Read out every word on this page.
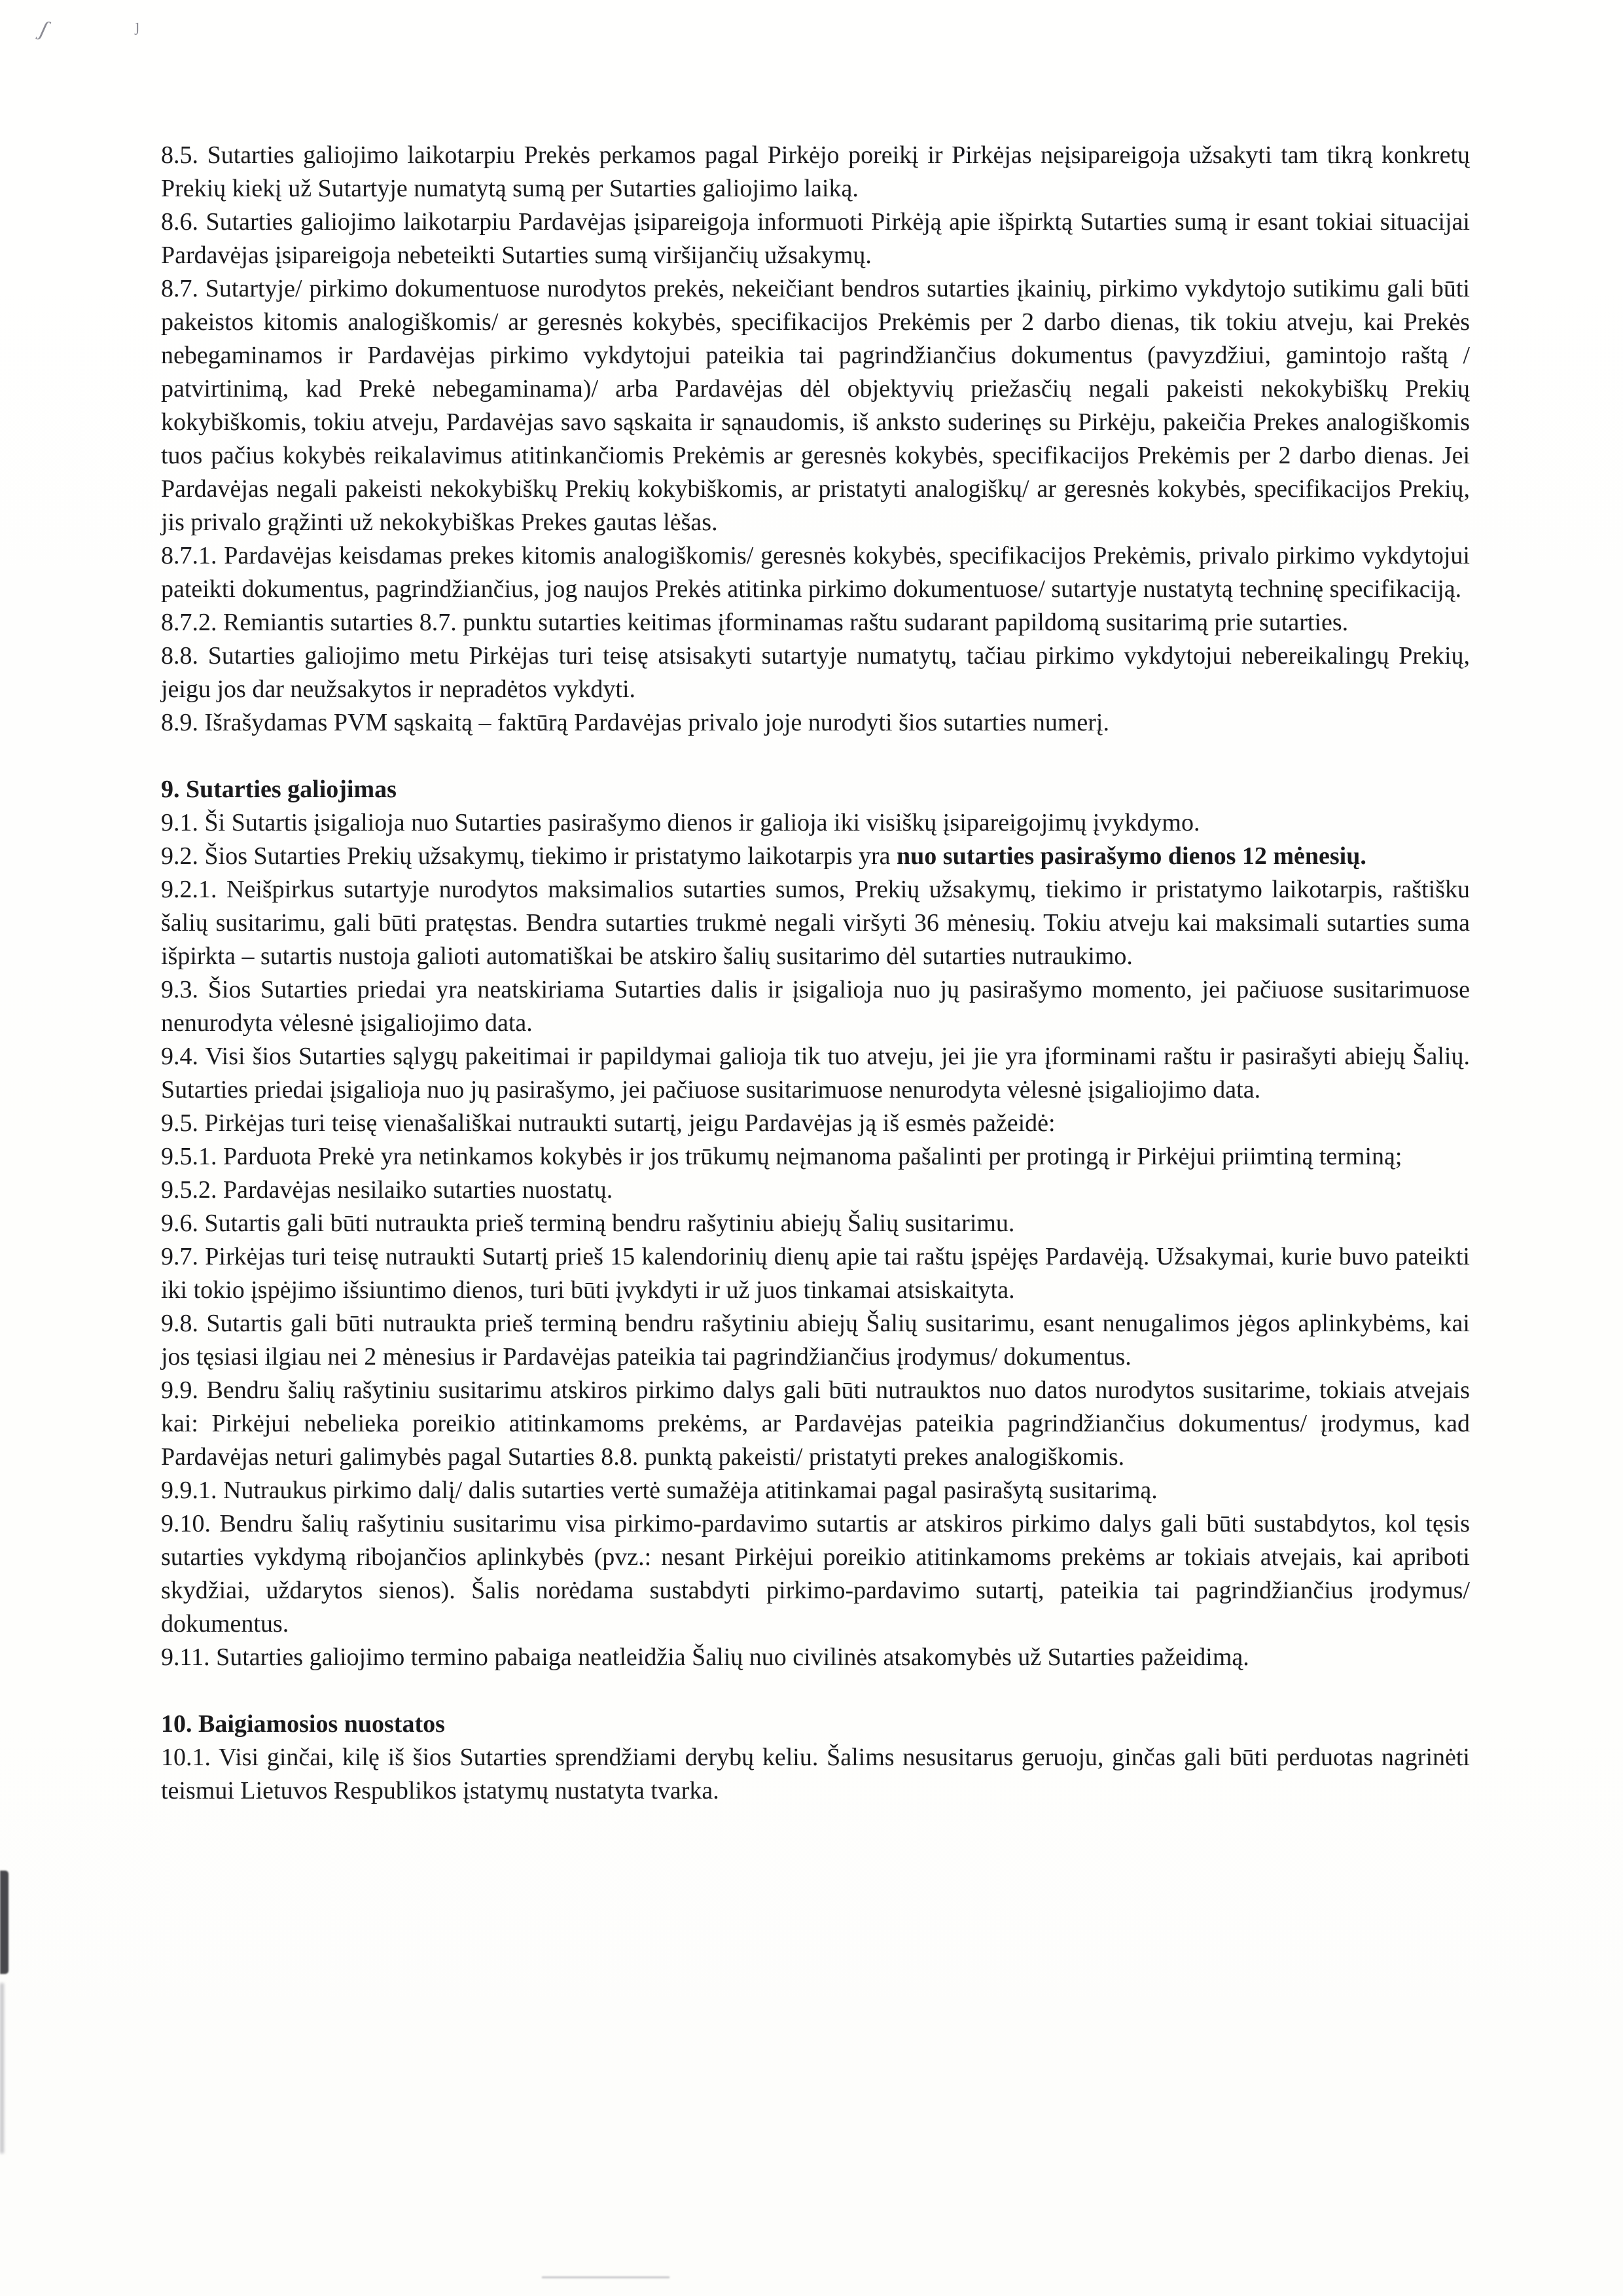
ʃ	ȷ

8.5. Sutarties galiojimo laikotarpiu Prekės perkamos pagal Pirkėjo poreikį ir Pirkėjas neįsipareigoja užsakyti tam tikrą konkretų Prekių kiekį už Sutartyje numatytą sumą per Sutarties galiojimo laiką.

8.6. Sutarties galiojimo laikotarpiu Pardavėjas įsipareigoja informuoti Pirkėją apie išpirktą Sutarties sumą ir esant tokiai situacijai Pardavėjas įsipareigoja nebeteikti Sutarties sumą viršijančių užsakymų.

8.7. Sutartyje/ pirkimo dokumentuose nurodytos prekės, nekeičiant bendros sutarties įkainių, pirkimo vykdytojo sutikimu gali būti pakeistos kitomis analogiškomis/ ar geresnės kokybės, specifikacijos Prekėmis per 2 darbo dienas, tik tokiu atveju, kai Prekės nebegaminamos ir Pardavėjas pirkimo vykdytojui pateikia tai pagrindžiančius dokumentus (pavyzdžiui, gamintojo raštą / patvirtinimą, kad Prekė nebegaminama)/ arba Pardavėjas dėl objektyvių priežasčių negali pakeisti nekokybiškų Prekių kokybiškomis, tokiu atveju, Pardavėjas savo sąskaita ir sąnaudomis, iš anksto suderinęs su Pirkėju, pakeičia Prekes analogiškomis tuos pačius kokybės reikalavimus atitinkančiomis Prekėmis ar geresnės kokybės, specifikacijos Prekėmis per 2 darbo dienas. Jei Pardavėjas negali pakeisti nekokybiškų Prekių kokybiškomis, ar pristatyti analogiškų/ ar geresnės kokybės, specifikacijos Prekių, jis privalo grąžinti už nekokybiškas Prekes gautas lėšas.

8.7.1. Pardavėjas keisdamas prekes kitomis analogiškomis/ geresnės kokybės, specifikacijos Prekėmis, privalo pirkimo vykdytojui pateikti dokumentus, pagrindžiančius, jog naujos Prekės atitinka pirkimo dokumentuose/ sutartyje nustatytą techninę specifikaciją.

8.7.2. Remiantis sutarties 8.7. punktu sutarties keitimas įforminamas raštu sudarant papildomą susitarimą prie sutarties.

8.8. Sutarties galiojimo metu Pirkėjas turi teisę atsisakyti sutartyje numatytų, tačiau pirkimo vykdytojui nebereikalingų Prekių, jeigu jos dar neužsakytos ir nepradėtos vykdyti.

8.9. Išrašydamas PVM sąskaitą – faktūrą Pardavėjas privalo joje nurodyti šios sutarties numerį.

9. Sutarties galiojimas

9.1. Ši Sutartis įsigalioja nuo Sutarties pasirašymo dienos ir galioja iki visiškų įsipareigojimų įvykdymo.

9.2. Šios Sutarties Prekių užsakymų, tiekimo ir pristatymo laikotarpis yra nuo sutarties pasirašymo dienos 12 mėnesių.

9.2.1. Neišpirkus sutartyje nurodytos maksimalios sutarties sumos, Prekių užsakymų, tiekimo ir pristatymo laikotarpis, raštišku šalių susitarimu, gali būti pratęstas. Bendra sutarties trukmė negali viršyti 36 mėnesių. Tokiu atveju kai maksimali sutarties suma išpirkta – sutartis nustoja galioti automatiškai be atskiro šalių susitarimo dėl sutarties nutraukimo.

9.3. Šios Sutarties priedai yra neatskiriama Sutarties dalis ir įsigalioja nuo jų pasirašymo momento, jei pačiuose susitarimuose nenurodyta vėlesnė įsigaliojimo data.

9.4. Visi šios Sutarties sąlygų pakeitimai ir papildymai galioja tik tuo atveju, jei jie yra įforminami raštu ir pasirašyti abiejų Šalių. Sutarties priedai įsigalioja nuo jų pasirašymo, jei pačiuose susitarimuose nenurodyta vėlesnė įsigaliojimo data.

9.5. Pirkėjas turi teisę vienašališkai nutraukti sutartį, jeigu Pardavėjas ją iš esmės pažeidė:

9.5.1. Parduota Prekė yra netinkamos kokybės ir jos trūkumų neįmanoma pašalinti per protingą ir Pirkėjui priimtiną terminą;

9.5.2. Pardavėjas nesilaiko sutarties nuostatų.

9.6. Sutartis gali būti nutraukta prieš terminą bendru rašytiniu abiejų Šalių susitarimu.

9.7. Pirkėjas turi teisę nutraukti Sutartį prieš 15 kalendorinių dienų apie tai raštu įspėjęs Pardavėją. Užsakymai, kurie buvo pateikti iki tokio įspėjimo išsiuntimo dienos, turi būti įvykdyti ir už juos tinkamai atsiskaityta.

9.8. Sutartis gali būti nutraukta prieš terminą bendru rašytiniu abiejų Šalių susitarimu, esant nenugalimos jėgos aplinkybėms, kai jos tęsiasi ilgiau nei 2 mėnesius ir Pardavėjas pateikia tai pagrindžiančius įrodymus/ dokumentus.

9.9. Bendru šalių rašytiniu susitarimu atskiros pirkimo dalys gali būti nutrauktos nuo datos nurodytos susitarime, tokiais atvejais kai: Pirkėjui nebelieka poreikio atitinkamoms prekėms, ar Pardavėjas pateikia pagrindžiančius dokumentus/ įrodymus, kad Pardavėjas neturi galimybės pagal Sutarties 8.8. punktą pakeisti/ pristatyti prekes analogiškomis.

9.9.1. Nutraukus pirkimo dalį/ dalis sutarties vertė sumažėja atitinkamai pagal pasirašytą susitarimą.

9.10. Bendru šalių rašytiniu susitarimu visa pirkimo-pardavimo sutartis ar atskiros pirkimo dalys gali būti sustabdytos, kol tęsis sutarties vykdymą ribojančios aplinkybės (pvz.: nesant Pirkėjui poreikio atitinkamoms prekėms ar tokiais atvejais, kai apriboti skydžiai, uždarytos sienos). Šalis norėdama sustabdyti pirkimo-pardavimo sutartį, pateikia tai pagrindžiančius įrodymus/ dokumentus.

9.11. Sutarties galiojimo termino pabaiga neatleidžia Šalių nuo civilinės atsakomybės už Sutarties pažeidimą.

10. Baigiamosios nuostatos

10.1. Visi ginčai, kilę iš šios Sutarties sprendžiami derybų keliu. Šalims nesusitarus geruoju, ginčas gali būti perduotas nagrinėti teismui Lietuvos Respublikos įstatymų nustatyta tvarka.
